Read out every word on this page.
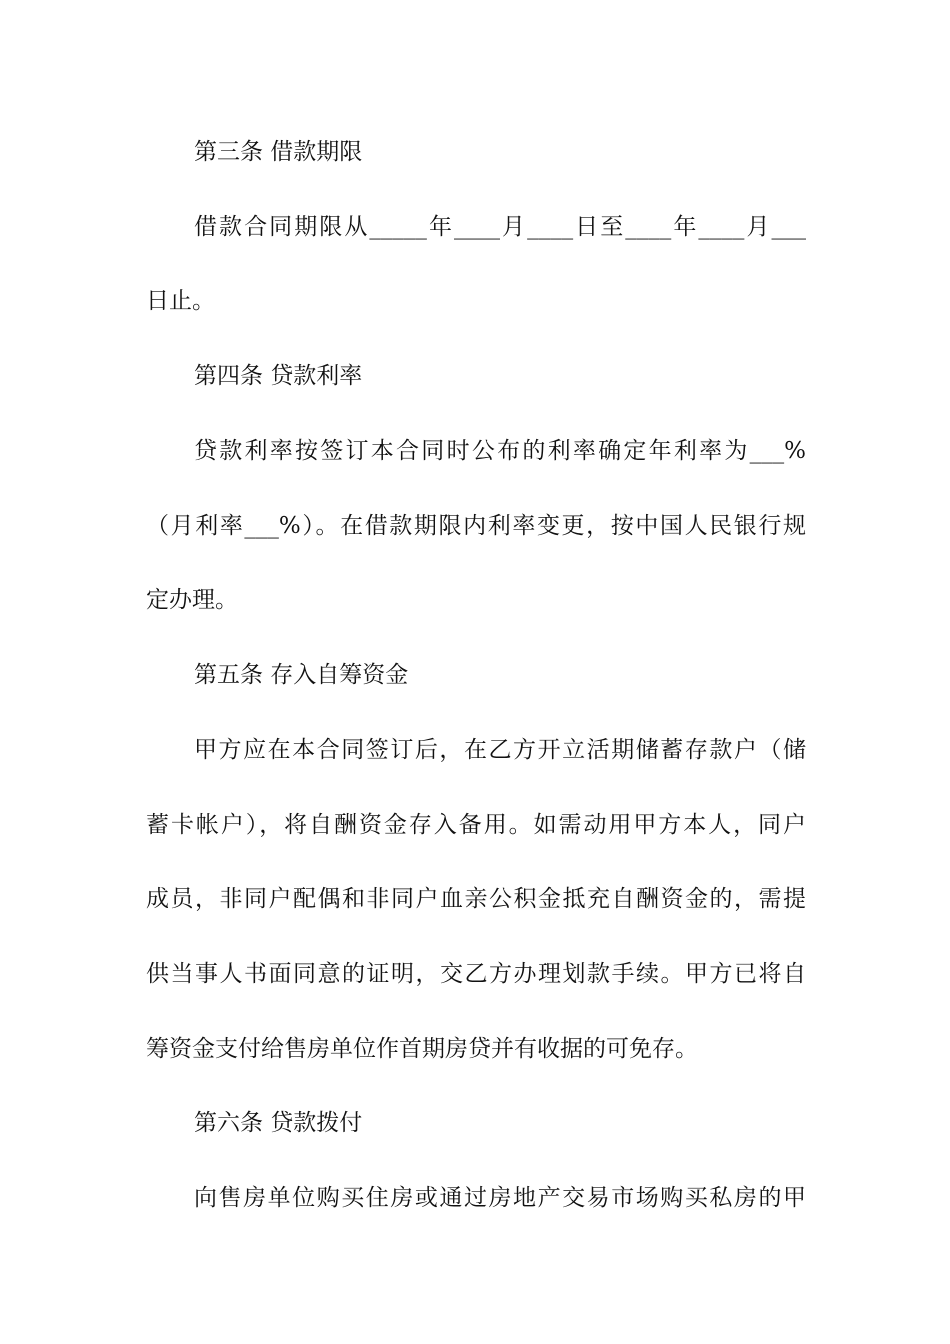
第三条 借款期限
借款合同期限从_____年____月____日至____年____月___
日止。
第四条 贷款利率
贷款利率按签订本合同时公布的利率确定年利率为___%
（月利率___%）。在借款期限内利率变更，按中国人民银行规
定办理。
第五条 存入自筹资金
甲方应在本合同签订后，在乙方开立活期储蓄存款户（储
蓄卡帐户），将自酬资金存入备用。如需动用甲方本人，同户
成员，非同户配偶和非同户血亲公积金抵充自酬资金的，需提
供当事人书面同意的证明，交乙方办理划款手续。甲方已将自
筹资金支付给售房单位作首期房贷并有收据的可免存。
第六条 贷款拨付
向售房单位购买住房或通过房地产交易市场购买私房的甲
